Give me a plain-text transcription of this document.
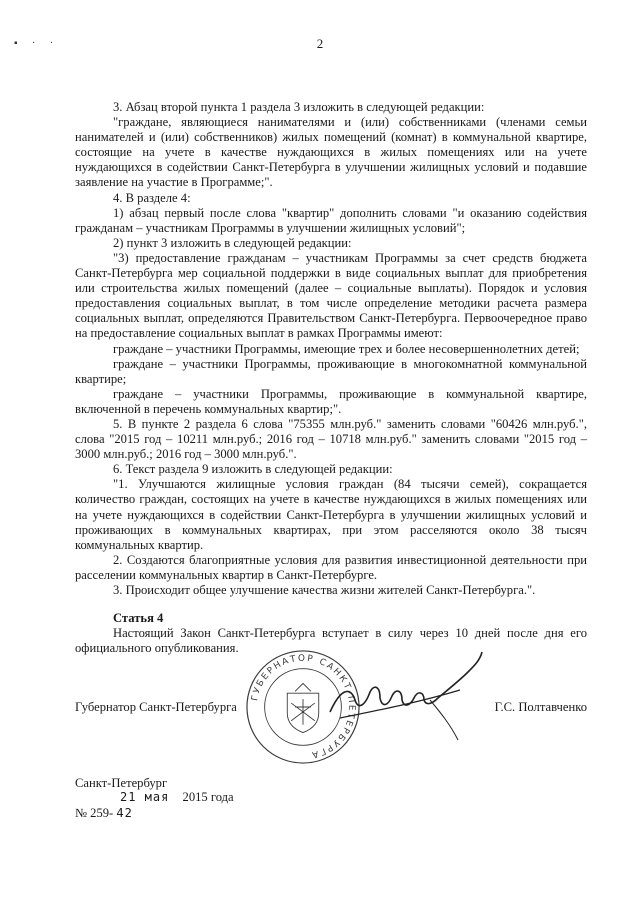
▪ · ·	2

3. Абзац второй пункта 1 раздела 3 изложить в следующей редакции:

"граждане, являющиеся нанимателями и (или) собственниками (членами семьи нанимателей и (или) собственников) жилых помещений (комнат) в коммунальной квартире, состоящие на учете в качестве нуждающихся в жилых помещениях или на учете нуждающихся в содействии Санкт-Петербурга в улучшении жилищных условий и подавшие заявление на участие в Программе;".

4. В разделе 4:

1) абзац первый после слова "квартир" дополнить словами "и оказанию содействия гражданам – участникам Программы в улучшении жилищных условий";

2) пункт 3 изложить в следующей редакции:

"3) предоставление гражданам – участникам Программы за счет средств бюджета Санкт-Петербурга мер социальной поддержки в виде социальных выплат для приобретения или строительства жилых помещений (далее – социальные выплаты). Порядок и условия предоставления социальных выплат, в том числе определение методики расчета размера социальных выплат, определяются Правительством Санкт-Петербурга. Первоочередное право на предоставление социальных выплат в рамках Программы имеют:

граждане – участники Программы, имеющие трех и более несовершеннолетних детей;

граждане – участники Программы, проживающие в многокомнатной коммунальной квартире;

граждане – участники Программы, проживающие в коммунальной квартире, включенной в перечень коммунальных квартир;".

5. В пункте 2 раздела 6 слова "75355 млн.руб." заменить словами "60426 млн.руб.", слова "2015 год – 10211 млн.руб.; 2016 год – 10718 млн.руб." заменить словами "2015 год – 3000 млн.руб.; 2016 год – 3000 млн.руб.".

6. Текст раздела 9 изложить в следующей редакции:

"1. Улучшаются жилищные условия граждан (84 тысячи семей), сокращается количество граждан, состоящих на учете в качестве нуждающихся в жилых помещениях или на учете нуждающихся в содействии Санкт-Петербурга в улучшении жилищных условий и проживающих в коммунальных квартирах, при этом расселяются около 38 тысяч коммунальных квартир.

2. Создаются благоприятные условия для развития инвестиционной деятельности при расселении коммунальных квартир в Санкт-Петербурге.

3. Происходит общее улучшение качества жизни жителей Санкт-Петербурга.".

Статья 4

Настоящий Закон Санкт-Петербурга вступает в силу через 10 дней после дня его официального опубликования.

ГУБЕРНАТОР САНКТ-ПЕТЕРБУРГА
Губернатор Санкт-Петербурга	Г.С. Полтавченко
Санкт-Петербург
21 мая 2015 года
№ 259- 42
